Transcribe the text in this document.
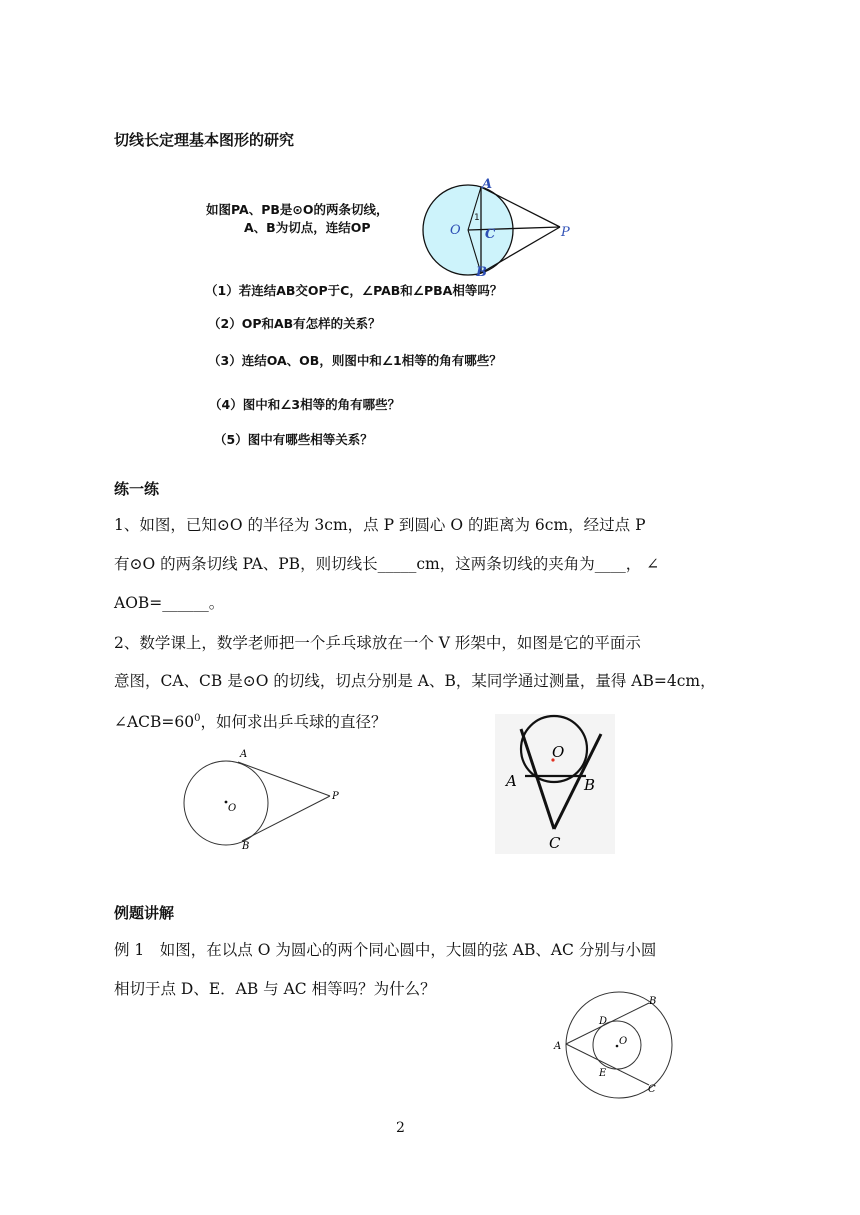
切线长定理基本图形的研究
如图PA、PB是⊙O的两条切线，
A、B为切点，连结OP
A
B
O C	P
1
（1）若连结AB交OP于C，∠PAB和∠PBA相等吗？
（2）OP和AB有怎样的关系？
（3）连结OA、OB，则图中和∠1相等的角有哪些？
（4）图中和∠3相等的角有哪些？
（5）图中有哪些相等关系？
练一练
1、如图，已知⊙O 的半径为 3cm，点 P 到圆心 O 的距离为 6cm，经过点 P
有⊙O 的两条切线 PA、PB，则切线长_____cm，这两条切线的夹角为____， ∠
AOB=______。
2、数学课上，数学老师把一个乒乓球放在一个 V 形架中，如图是它的平面示
意图，CA、CB 是⊙O 的切线，切点分别是 A、B，某同学通过测量，量得 AB=4cm，
$\angle ACB=60^0$，如何求出乒乓球的直径？
O
A
B
P
O
A	B
C
例题讲解
例 1　如图，在以点 O 为圆心的两个同心圆中，大圆的弦 AB、AC 分别与小圆
相切于点 D、E．AB 与 AC 相等吗？为什么？
O
A
B
C
D
E
2
